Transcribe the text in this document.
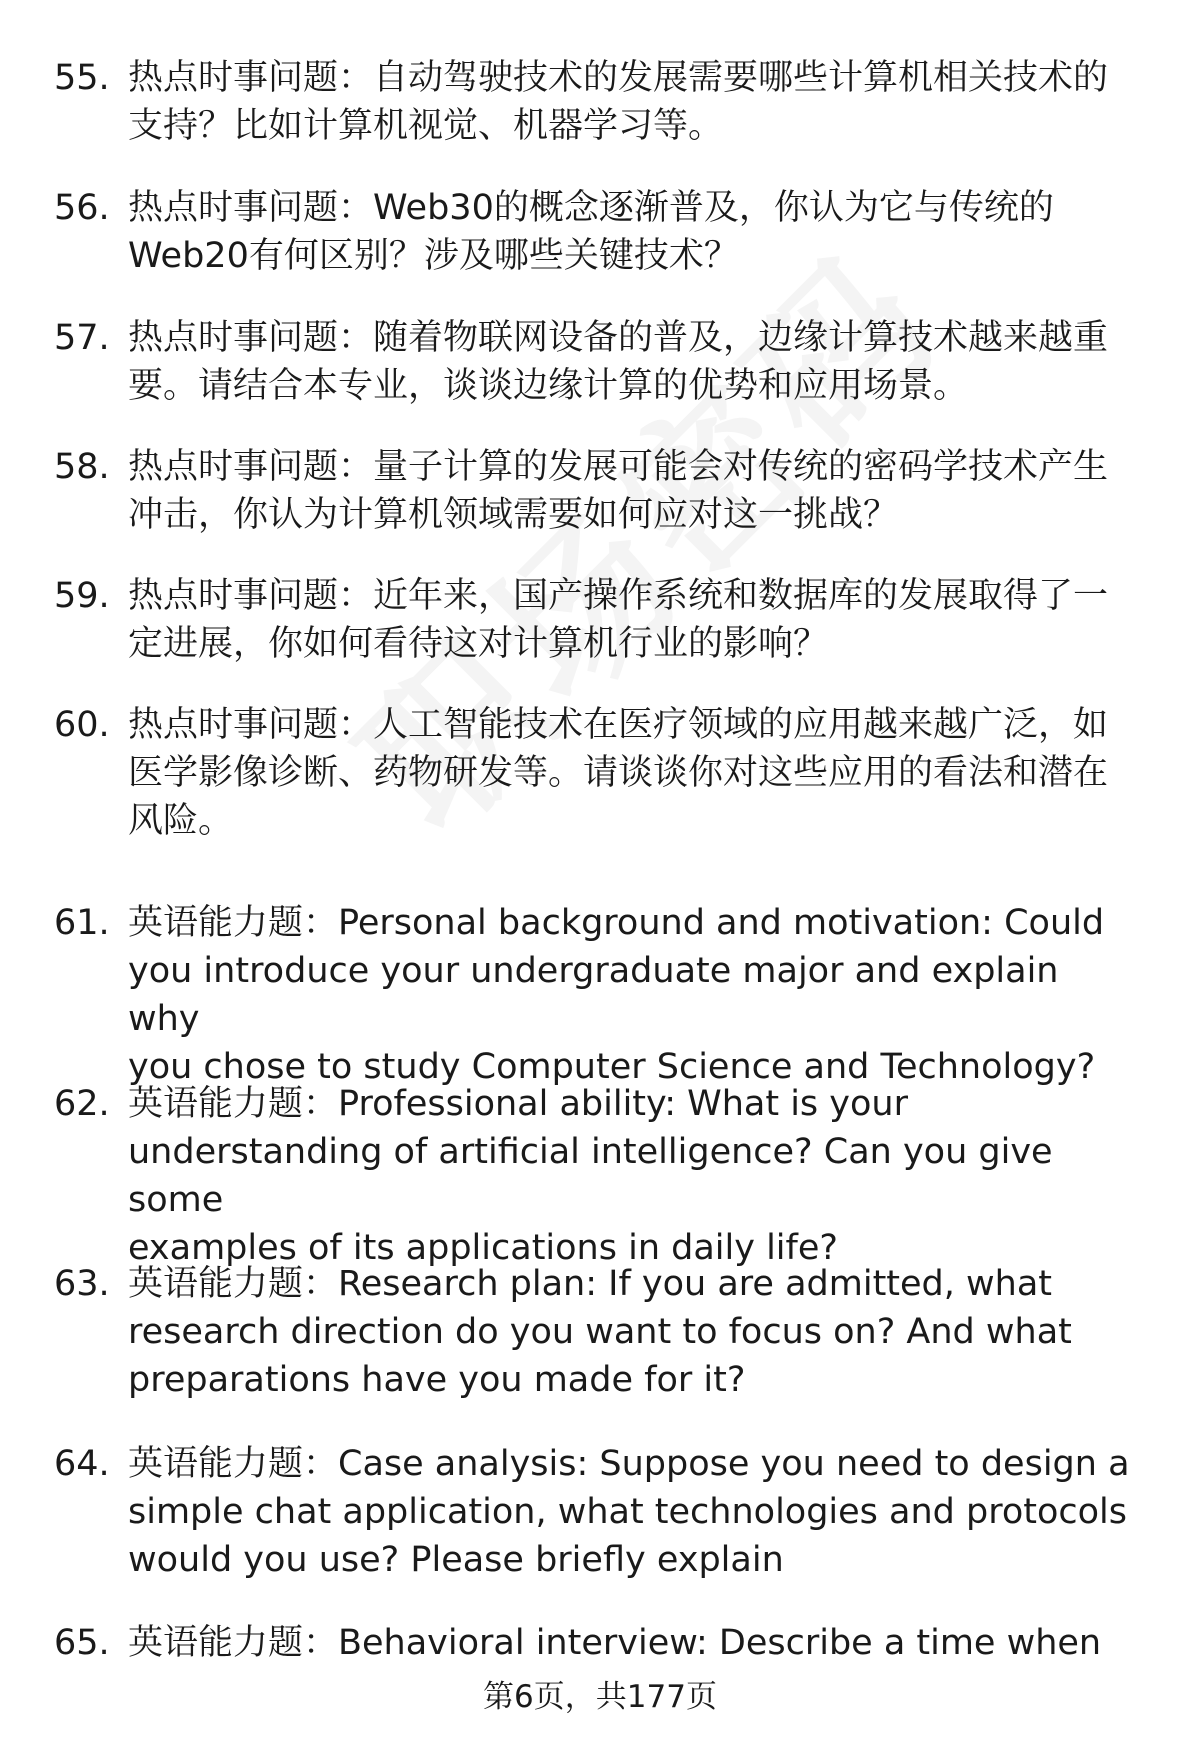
55. 热点时事问题：自动驾驶技术的发展需要哪些计算机相关技术的
支持？比如计算机视觉、机器学习等。
56. 热点时事问题：Web30的概念逐渐普及，你认为它与传统的
Web20有何区别？涉及哪些关键技术？
57. 热点时事问题：随着物联网设备的普及，边缘计算技术越来越重
要。请结合本专业，谈谈边缘计算的优势和应用场景。
58. 热点时事问题：量子计算的发展可能会对传统的密码学技术产生
冲击，你认为计算机领域需要如何应对这一挑战？
59. 热点时事问题：近年来，国产操作系统和数据库的发展取得了一
定进展，你如何看待这对计算机行业的影响？
60. 热点时事问题：人工智能技术在医疗领域的应用越来越广泛，如
医学影像诊断、药物研发等。请谈谈你对这些应用的看法和潜在
风险。
61. 英语能力题：Personal background and motivation: Could
you introduce your undergraduate major and explain why
you chose to study Computer Science and Technology?
62. 英语能力题：Professional ability: What is your
understanding of artificial intelligence? Can you give some
examples of its applications in daily life?
63. 英语能力题：Research plan: If you are admitted, what
research direction do you want to focus on? And what
preparations have you made for it?
64. 英语能力题：Case analysis: Suppose you need to design a
simple chat application, what technologies and protocols
would you use? Please briefly explain
65. 英语能力题：Behavioral interview: Describe a time when
第6页，共177页
